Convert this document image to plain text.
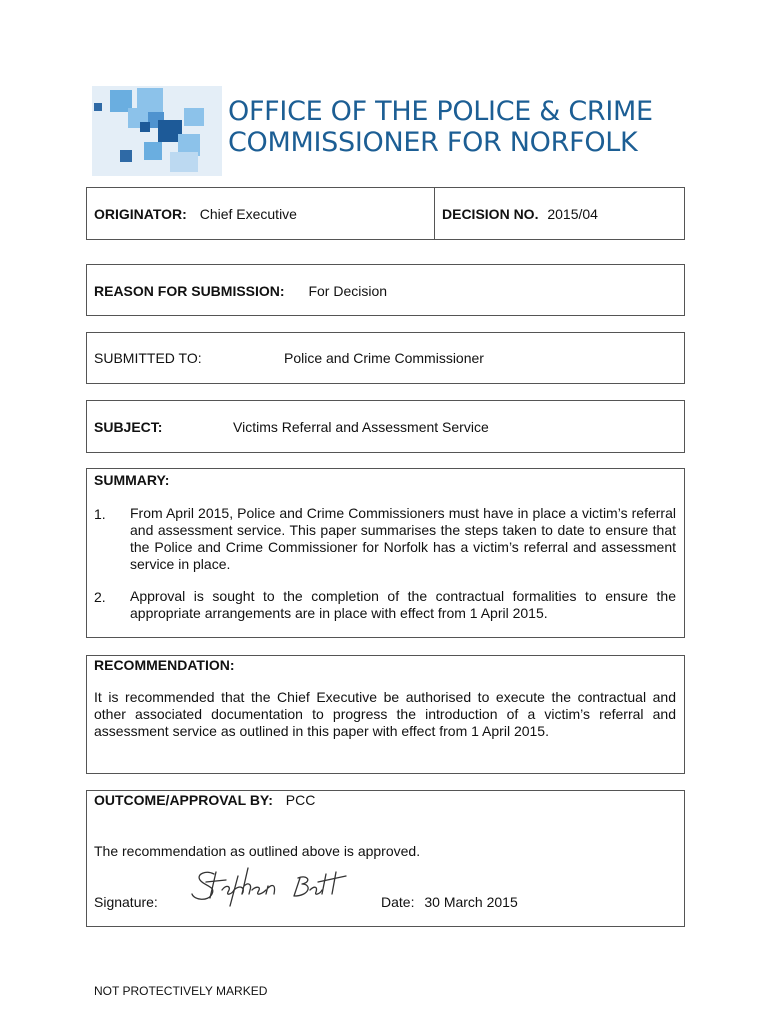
OFFICE OF THE POLICE & CRIME
COMMISSIONER FOR NORFOLK
ORIGINATOR: Chief Executive	DECISION NO. 2015/04
REASON FOR SUBMISSION: For Decision
SUBMITTED TO:	Police and Crime Commissioner
SUBJECT:	Victims Referral and Assessment Service
SUMMARY:
1. From April 2015, Police and Crime Commissioners must have in place a victim’s referral and assessment service. This paper summarises the steps taken to date to ensure that the Police and Crime Commissioner for Norfolk has a victim’s referral and assessment service in place.
2. Approval is sought to the completion of the contractual formalities to ensure the appropriate arrangements are in place with effect from 1 April 2015.
RECOMMENDATION:
It is recommended that the Chief Executive be authorised to execute the contractual and other associated documentation to progress the introduction of a victim’s referral and assessment service as outlined in this paper with effect from 1 April 2015.
OUTCOME/APPROVAL BY: PCC
The recommendation as outlined above is approved.
Signature:	Date: 30 March 2015
NOT PROTECTIVELY MARKED
